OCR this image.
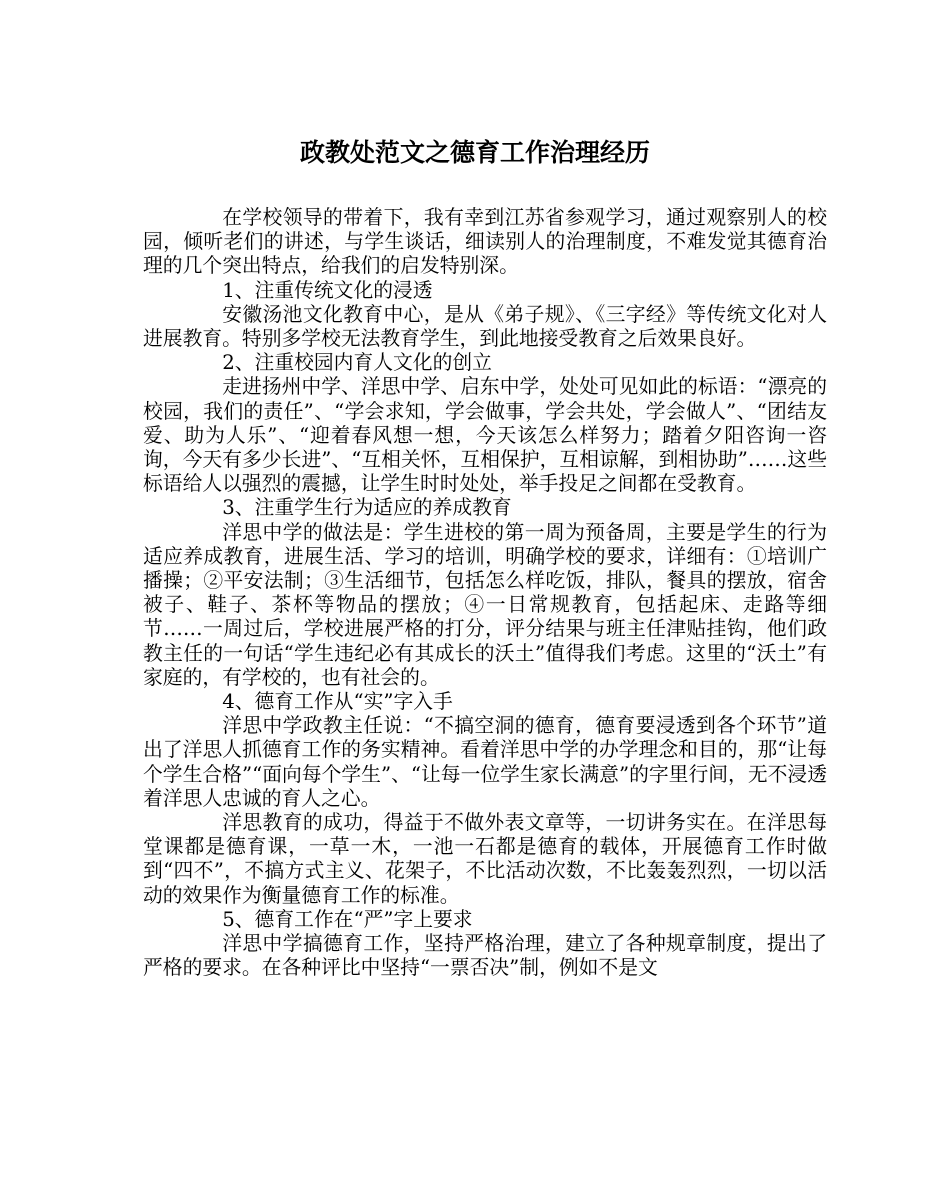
政教处范文之德育工作治理经历

在学校领导的带着下，我有幸到江苏省参观学习，通过观察别人的校园，倾听老们的讲述，与学生谈话，细读别人的治理制度，不难发觉其德育治理的几个突出特点，给我们的启发特别深。

1、注重传统文化的浸透

安徽汤池文化教育中心，是从《弟子规》、《三字经》等传统文化对人进展教育。特别多学校无法教育学生，到此地接受教育之后效果良好。

2、注重校园内育人文化的创立

走进扬州中学、洋思中学、启东中学，处处可见如此的标语：“漂亮的校园，我们的责任”、“学会求知，学会做事，学会共处，学会做人”、“团结友爱、助为人乐”、“迎着春风想一想，今天该怎么样努力；踏着夕阳咨询一咨询，今天有多少长进”、“互相关怀，互相保护，互相谅解，到相协助”……这些标语给人以强烈的震撼，让学生时时处处，举手投足之间都在受教育。

3、注重学生行为适应的养成教育

洋思中学的做法是：学生进校的第一周为预备周，主要是学生的行为适应养成教育，进展生活、学习的培训，明确学校的要求，详细有：①培训广播操；②平安法制；③生活细节，包括怎么样吃饭，排队，餐具的摆放，宿舍被子、鞋子、茶杯等物品的摆放；④一日常规教育，包括起床、走路等细节……一周过后，学校进展严格的打分，评分结果与班主任津贴挂钩，他们政教主任的一句话“学生违纪必有其成长的沃土”值得我们考虑。这里的“沃土”有家庭的，有学校的，也有社会的。

4、德育工作从“实”字入手

洋思中学政教主任说：“不搞空洞的德育，德育要浸透到各个环节”道出了洋思人抓德育工作的务实精神。看着洋思中学的办学理念和目的，那“让每个学生合格”“面向每个学生”、“让每一位学生家长满意”的字里行间，无不浸透着洋思人忠诚的育人之心。

洋思教育的成功，得益于不做外表文章等，一切讲务实在。在洋思每堂课都是德育课，一草一木，一池一石都是德育的载体，开展德育工作时做到“四不”，不搞方式主义、花架子，不比活动次数，不比轰轰烈烈，一切以活动的效果作为衡量德育工作的标准。

5、德育工作在“严”字上要求

洋思中学搞德育工作，坚持严格治理，建立了各种规章制度，提出了严格的要求。在各种评比中坚持“一票否决”制，例如不是文
